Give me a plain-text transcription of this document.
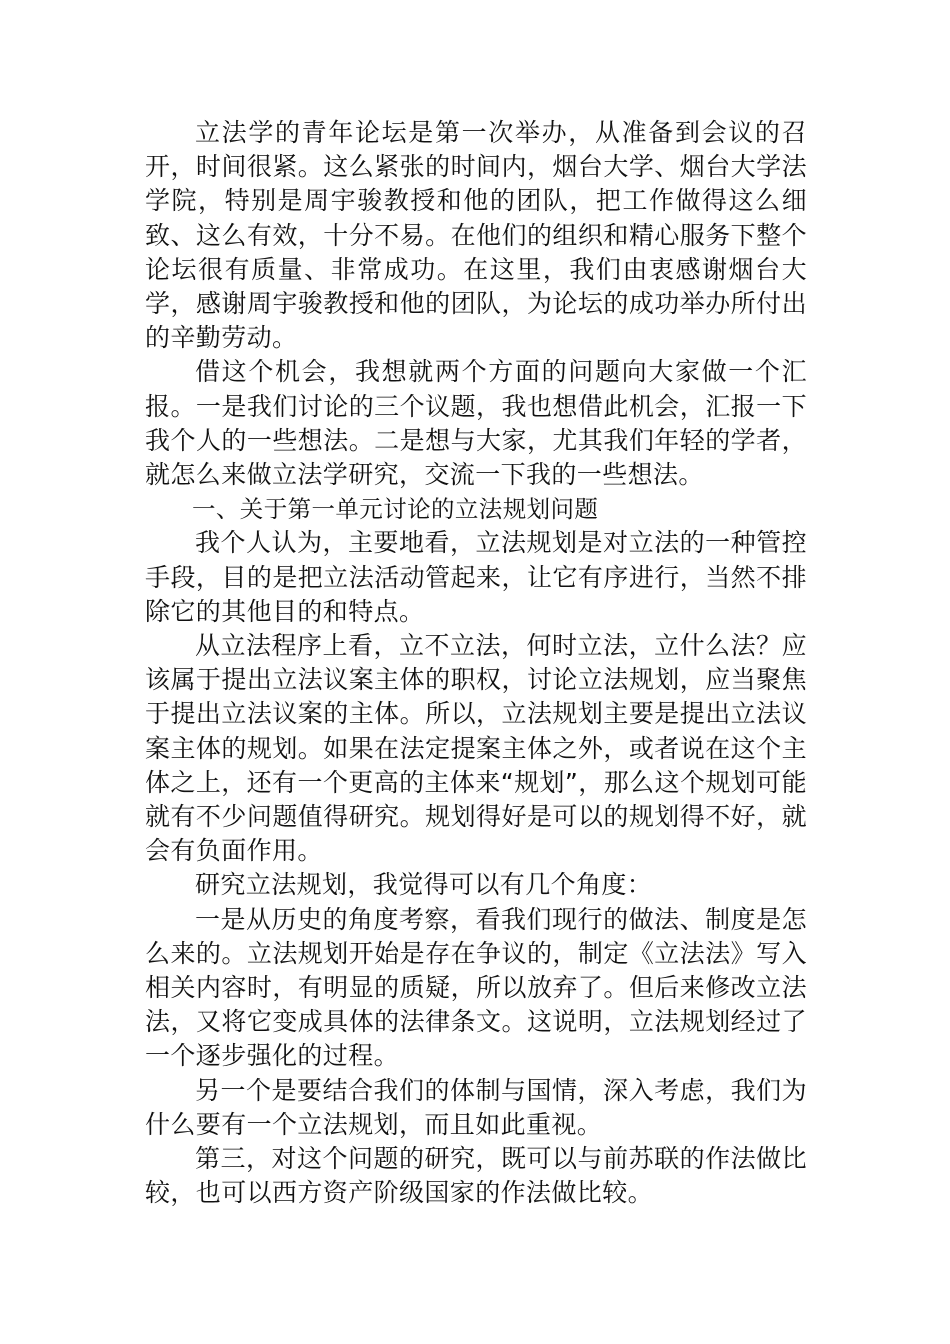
立法学的青年论坛是第一次举办，从准备到会议的召开，时间很紧。这么紧张的时间内，烟台大学、烟台大学法学院，特别是周宇骏教授和他的团队，把工作做得这么细致、这么有效，十分不易。在他们的组织和精心服务下整个论坛很有质量、非常成功。在这里，我们由衷感谢烟台大学，感谢周宇骏教授和他的团队，为论坛的成功举办所付出的辛勤劳动。

借这个机会，我想就两个方面的问题向大家做一个汇报。一是我们讨论的三个议题，我也想借此机会，汇报一下我个人的一些想法。二是想与大家，尤其我们年轻的学者，就怎么来做立法学研究，交流一下我的一些想法。

一、关于第一单元讨论的立法规划问题

我个人认为，主要地看，立法规划是对立法的一种管控手段，目的是把立法活动管起来，让它有序进行，当然不排除它的其他目的和特点。

从立法程序上看，立不立法，何时立法，立什么法？应该属于提出立法议案主体的职权，讨论立法规划，应当聚焦于提出立法议案的主体。所以，立法规划主要是提出立法议案主体的规划。如果在法定提案主体之外，或者说在这个主体之上，还有一个更高的主体来“规划”，那么这个规划可能就有不少问题值得研究。规划得好是可以的规划得不好，就会有负面作用。

研究立法规划，我觉得可以有几个角度：

一是从历史的角度考察，看我们现行的做法、制度是怎么来的。立法规划开始是存在争议的，制定《立法法》写入相关内容时，有明显的质疑，所以放弃了。但后来修改立法法，又将它变成具体的法律条文。这说明，立法规划经过了一个逐步强化的过程。

另一个是要结合我们的体制与国情，深入考虑，我们为什么要有一个立法规划，而且如此重视。

第三，对这个问题的研究，既可以与前苏联的作法做比较，也可以西方资产阶级国家的作法做比较。
